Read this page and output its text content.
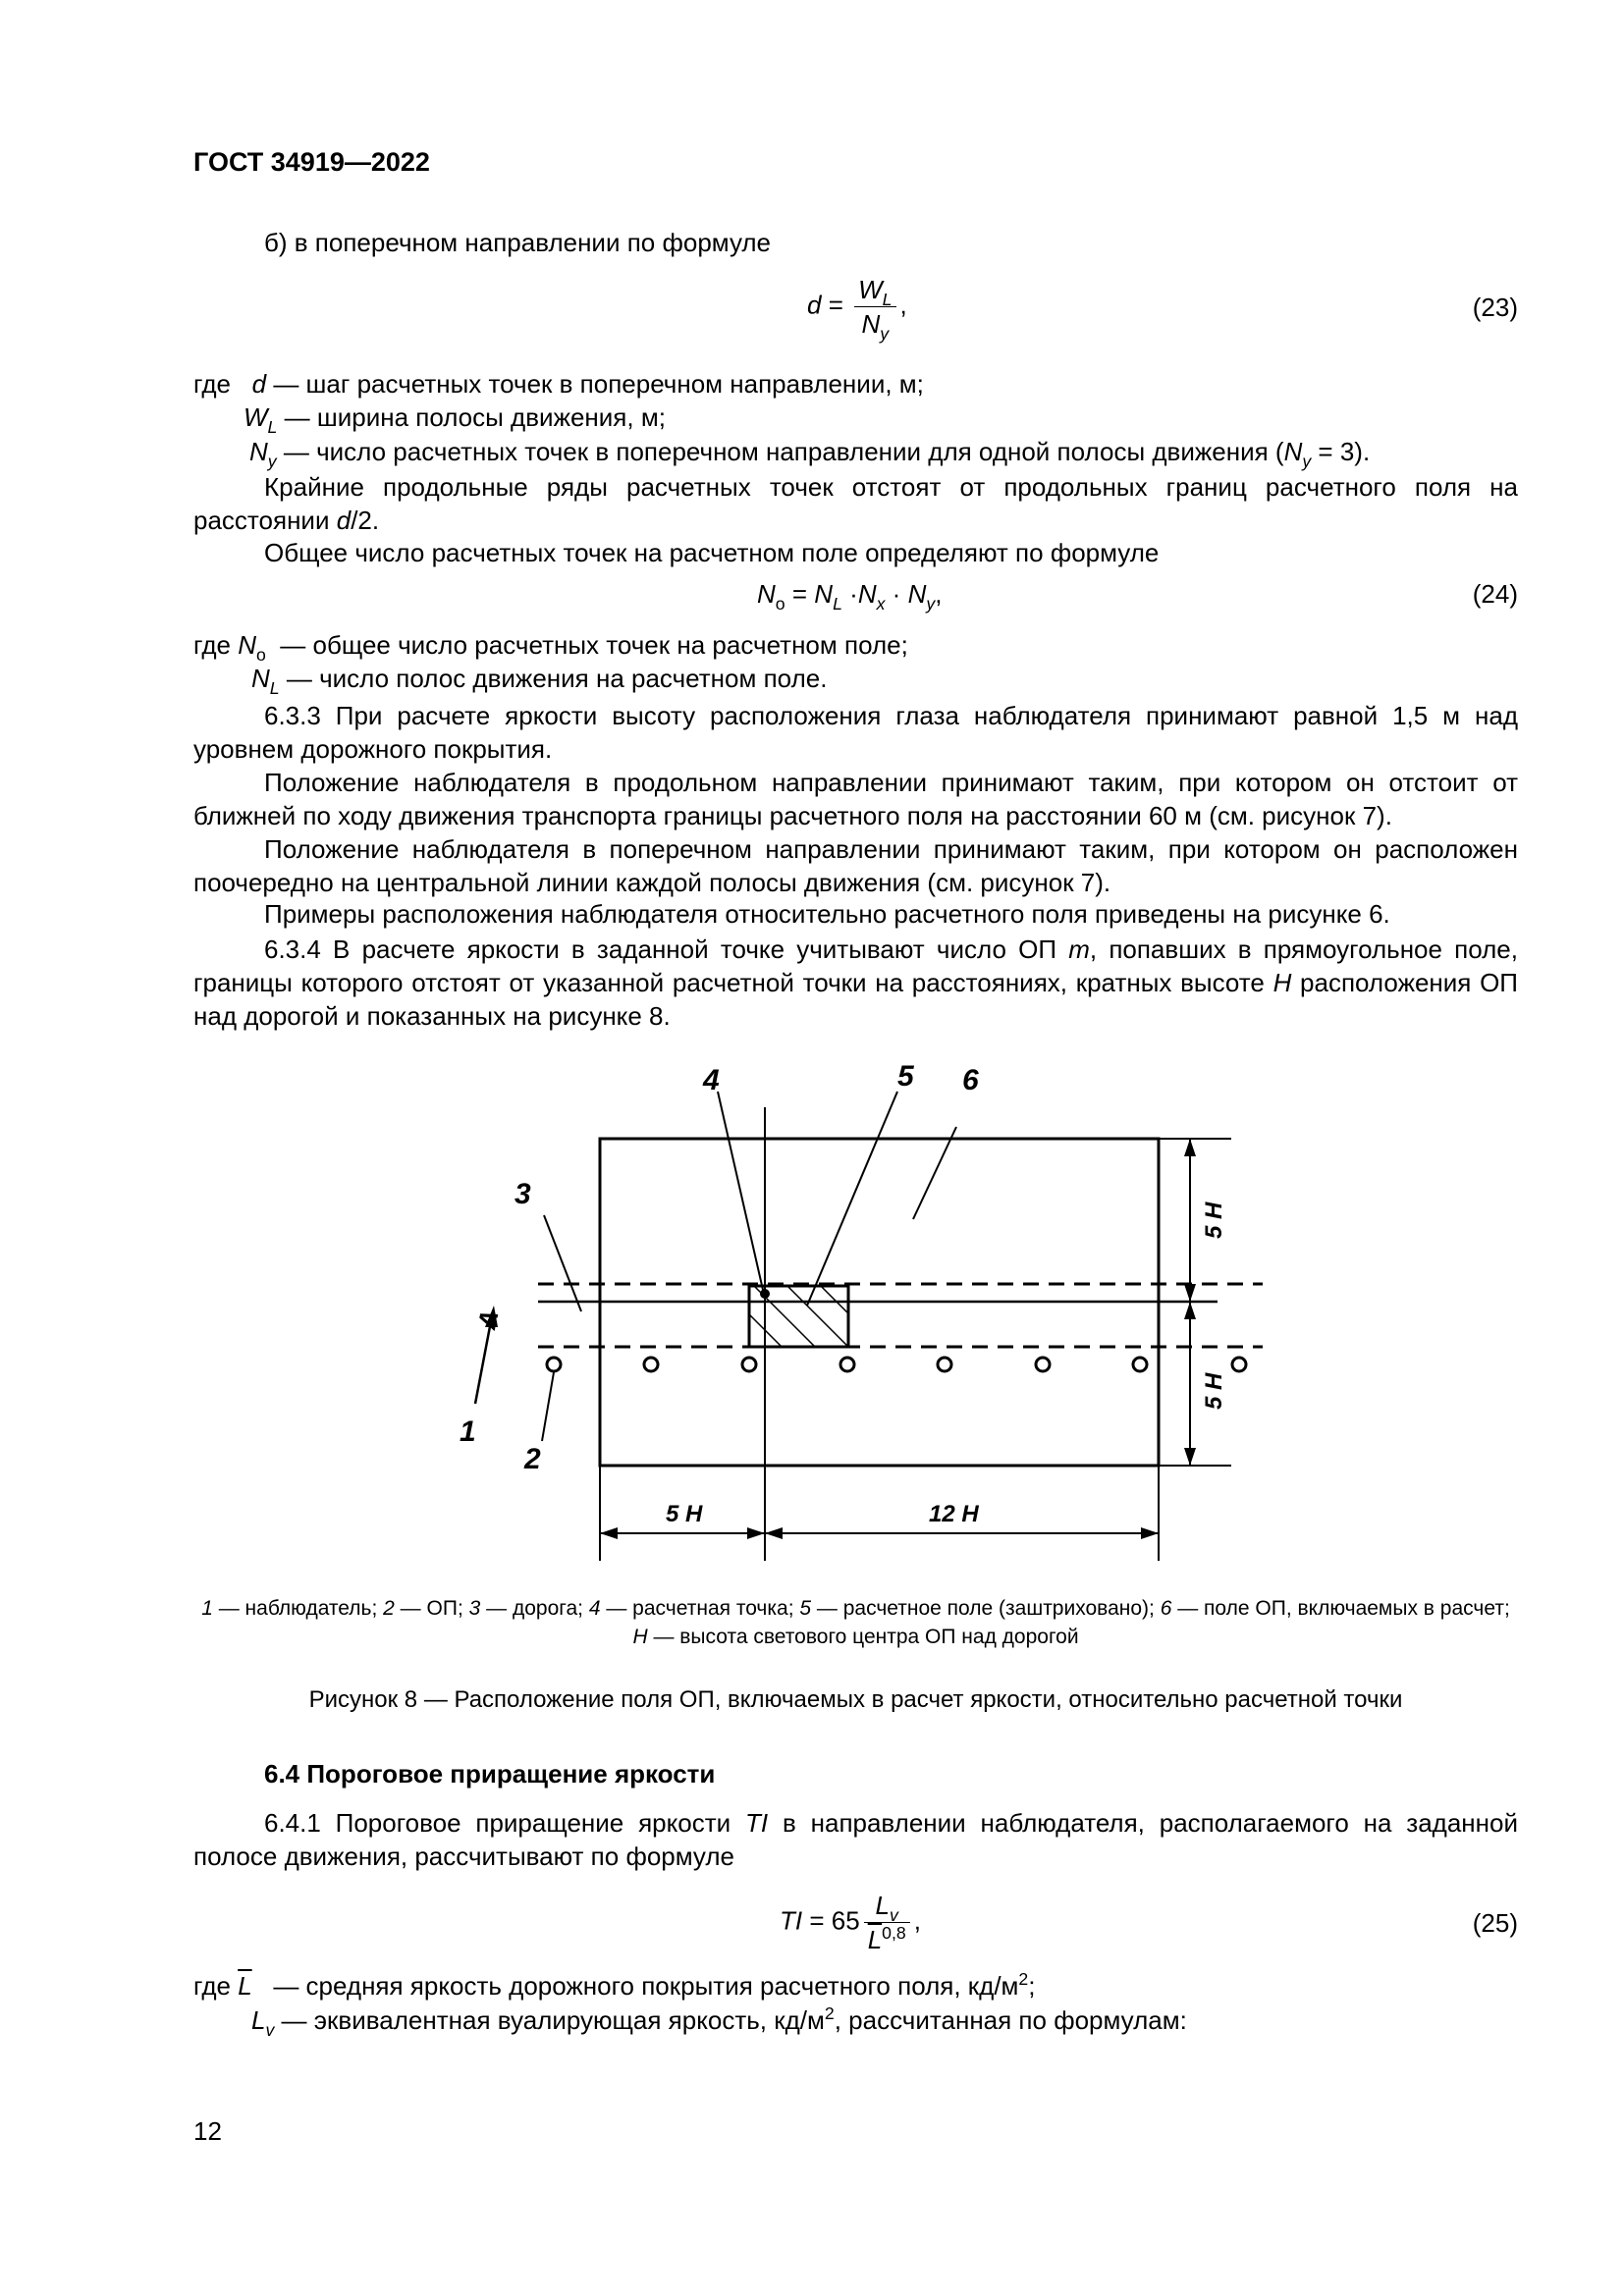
ГОСТ 34919—2022
б) в поперечном направлении по формуле
$d = \frac{W_L}{N_y}$ ,	(23)
где d — шаг расчетных точек в поперечном направлении, м;
$W_L$ — ширина полосы движения, м;
$N_y$ — число расчетных точек в поперечном направлении для одной полосы движения $(N_y = 3)$.
Крайние продольные ряды расчетных точек отстоят от продольных границ расчетного поля на расстоянии d/2.
Общее число расчетных точек на расчетном поле определяют по формуле
$N_о = N_L \cdot N_x \cdot N_y$,	(24)
где $N_о$ — общее число расчетных точек на расчетном поле;
$N_L$ — число полос движения на расчетном поле.
6.3.3 При расчете яркости высоту расположения глаза наблюдателя принимают равной 1,5 м над уровнем дорожного покрытия.
Положение наблюдателя в продольном направлении принимают таким, при котором он отстоит от ближней по ходу движения транспорта границы расчетного поля на расстоянии 60 м (см. рисунок 7).
Положение наблюдателя в поперечном направлении принимают таким, при котором он расположен поочередно на центральной линии каждой полосы движения (см. рисунок 7).
Примеры расположения наблюдателя относительно расчетного поля приведены на рисунке 6.
6.3.4 В расчете яркости в заданной точке учитывают число ОП m, попавших в прямоугольное поле, границы которого отстоят от указанной расчетной точки на расстояниях, кратных высоте H расположения ОП над дорогой и показанных на рисунке 8.
4	5 6
3
1
2
A
5 H	12 H
5 H
5 H
1 — наблюдатель; 2 — ОП; 3 — дорога; 4 — расчетная точка; 5 — расчетное поле (заштриховано); 6 — поле ОП, включаемых в расчет;
H — высота светового центра ОП над дорогой
Рисунок 8 — Расположение поля ОП, включаемых в расчет яркости, относительно расчетной точки
6.4 Пороговое приращение яркости
6.4.1 Пороговое приращение яркости TI в направлении наблюдателя, располагаемого на заданной полосе движения, рассчитывают по формуле
TI = $65 \frac{L_v}{\overline{L}^{0,8}}$ ,	(25)
где $\overline{L}$ — средняя яркость дорожного покрытия расчетного поля, $кд/м^2$;
$L_v$ — эквивалентная вуалирующая яркость, $кд/м^2$, рассчитанная по формулам:
12
